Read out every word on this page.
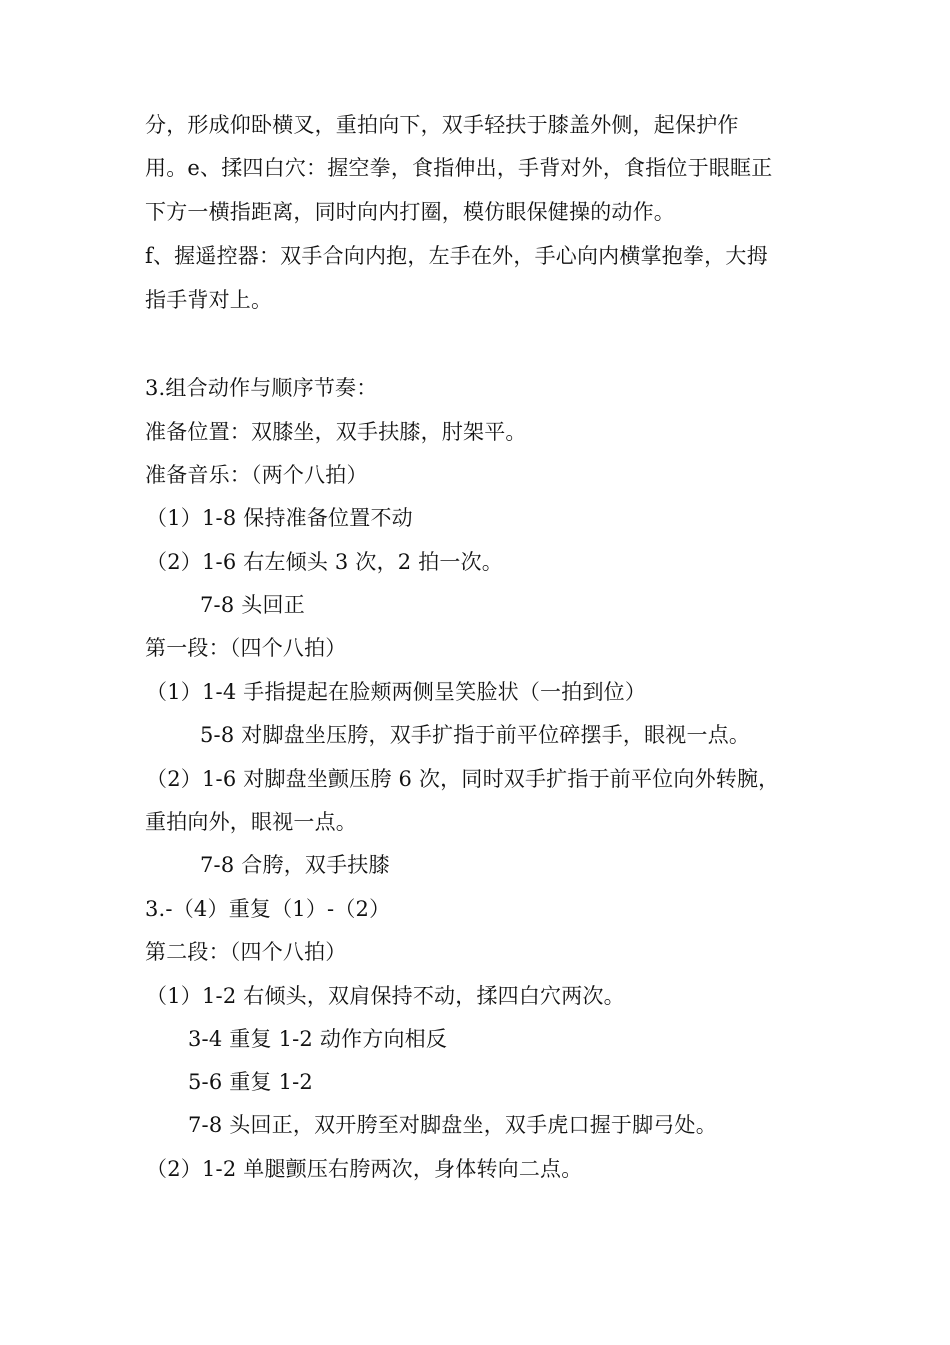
分，形成仰卧横叉，重拍向下，双手轻扶于膝盖外侧，起保护作
用。e、揉四白穴：握空拳，食指伸出，手背对外，食指位于眼眶正
下方一横指距离，同时向内打圈，模仿眼保健操的动作。
f、握遥控器：双手合向内抱，左手在外，手心向内横掌抱拳，大拇
指手背对上。
3.组合动作与顺序节奏：
准备位置：双膝坐，双手扶膝，肘架平。
准备音乐：（两个八拍）
（1）1-8 保持准备位置不动
（2）1-6 右左倾头 3 次，2 拍一次。
7-8 头回正
第一段：（四个八拍）
（1）1-4 手指提起在脸颊两侧呈笑脸状（一拍到位）
5-8 对脚盘坐压胯，双手扩指于前平位碎摆手，眼视一点。
（2）1-6 对脚盘坐颤压胯 6 次，同时双手扩指于前平位向外转腕，
重拍向外，眼视一点。
7-8 合胯，双手扶膝
3.-（4）重复（1）-（2）
第二段：（四个八拍）
（1）1-2 右倾头，双肩保持不动，揉四白穴两次。
3-4 重复 1-2 动作方向相反
5-6 重复 1-2
7-8 头回正，双开胯至对脚盘坐，双手虎口握于脚弓处。
（2）1-2 单腿颤压右胯两次，身体转向二点。
